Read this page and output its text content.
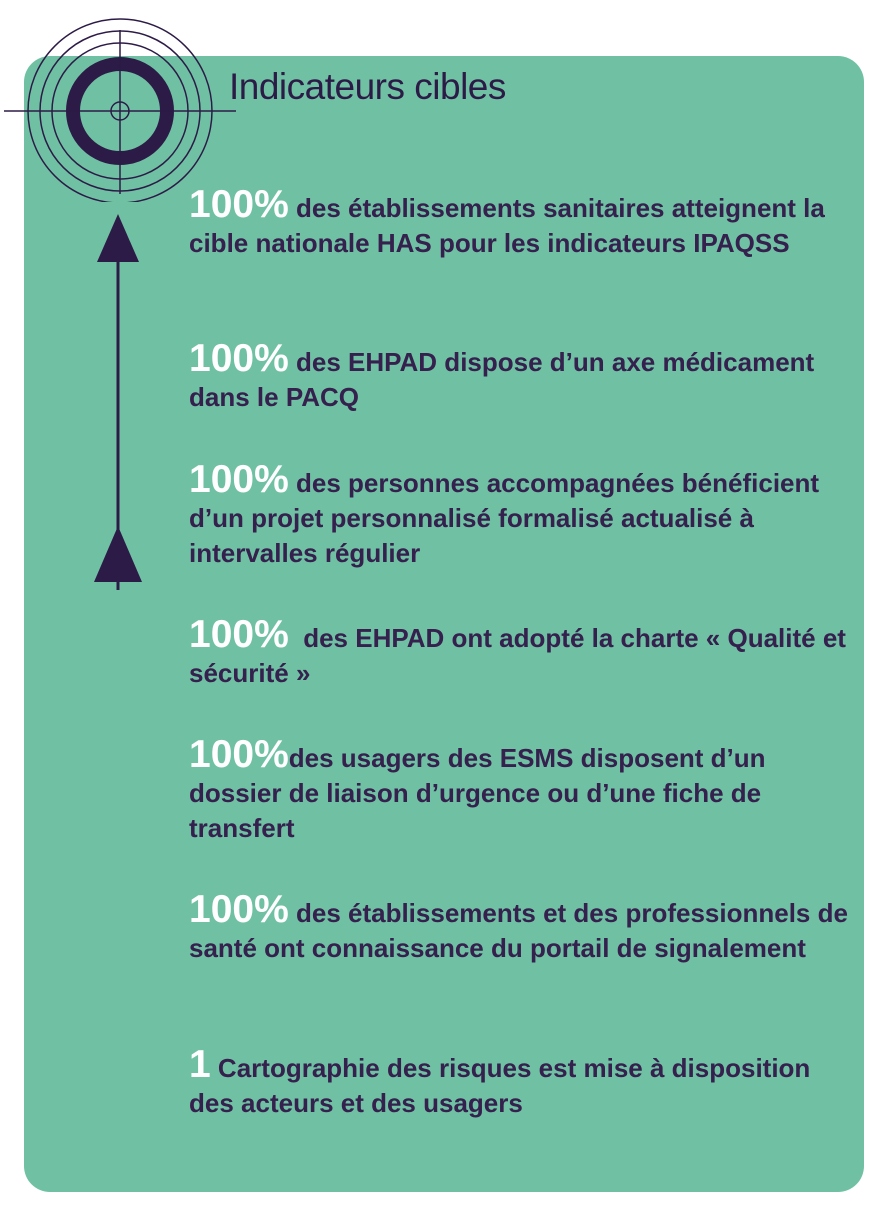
Indicateurs cibles

100% des établissements sanitaires atteignent la cible nationale HAS pour les indicateurs IPAQSS

100% des EHPAD dispose d’un axe médicament dans le PACQ

100% des personnes accompagnées bénéficient d’un projet personnalisé formalisé actualisé à intervalles régulier

100%  des EHPAD ont adopté la charte « Qualité et sécurité »

100%des usagers des ESMS disposent d’un dossier de liaison d’urgence ou d’une fiche de transfert

100% des établissements et des professionnels de santé ont connaissance du portail de signalement

1 Cartographie des risques est mise à disposition des acteurs et des usagers
